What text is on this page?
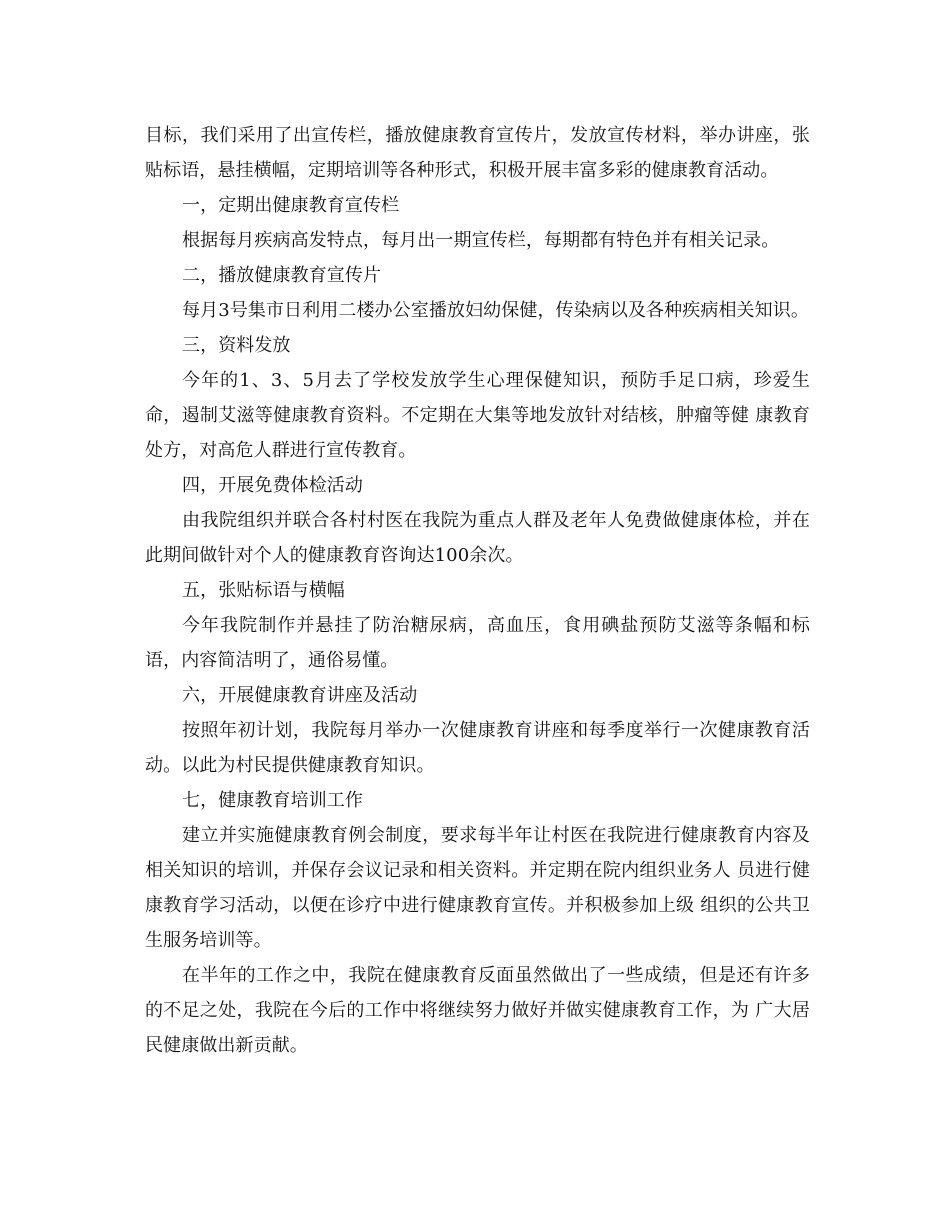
目标，我们采用了出宣传栏，播放健康教育宣传片，发放宣传材料，举办讲座，张贴标语，悬挂横幅，定期培训等各种形式，积极开展丰富多彩的健康教育活动。

一，定期出健康教育宣传栏

根据每月疾病高发特点，每月出一期宣传栏，每期都有特色并有相关记录。

二，播放健康教育宣传片

每月3号集市日利用二楼办公室播放妇幼保健，传染病以及各种疾病相关知识。

三，资料发放

今年的1、3、5月去了学校发放学生心理保健知识，预防手足口病，珍爱生命，遏制艾滋等健康教育资料。不定期在大集等地发放针对结核，肿瘤等健 康教育处方，对高危人群进行宣传教育。

四，开展免费体检活动

由我院组织并联合各村村医在我院为重点人群及老年人免费做健康体检，并在此期间做针对个人的健康教育咨询达100余次。

五，张贴标语与横幅

今年我院制作并悬挂了防治糖尿病，高血压，食用碘盐预防艾滋等条幅和标语，内容简洁明了，通俗易懂。

六，开展健康教育讲座及活动

按照年初计划，我院每月举办一次健康教育讲座和每季度举行一次健康教育活动。以此为村民提供健康教育知识。

七，健康教育培训工作

建立并实施健康教育例会制度，要求每半年让村医在我院进行健康教育内容及相关知识的培训，并保存会议记录和相关资料。并定期在院内组织业务人 员进行健康教育学习活动，以便在诊疗中进行健康教育宣传。并积极参加上级 组织的公共卫生服务培训等。

在半年的工作之中，我院在健康教育反面虽然做出了一些成绩，但是还有许多的不足之处，我院在今后的工作中将继续努力做好并做实健康教育工作，为 广大居民健康做出新贡献。
